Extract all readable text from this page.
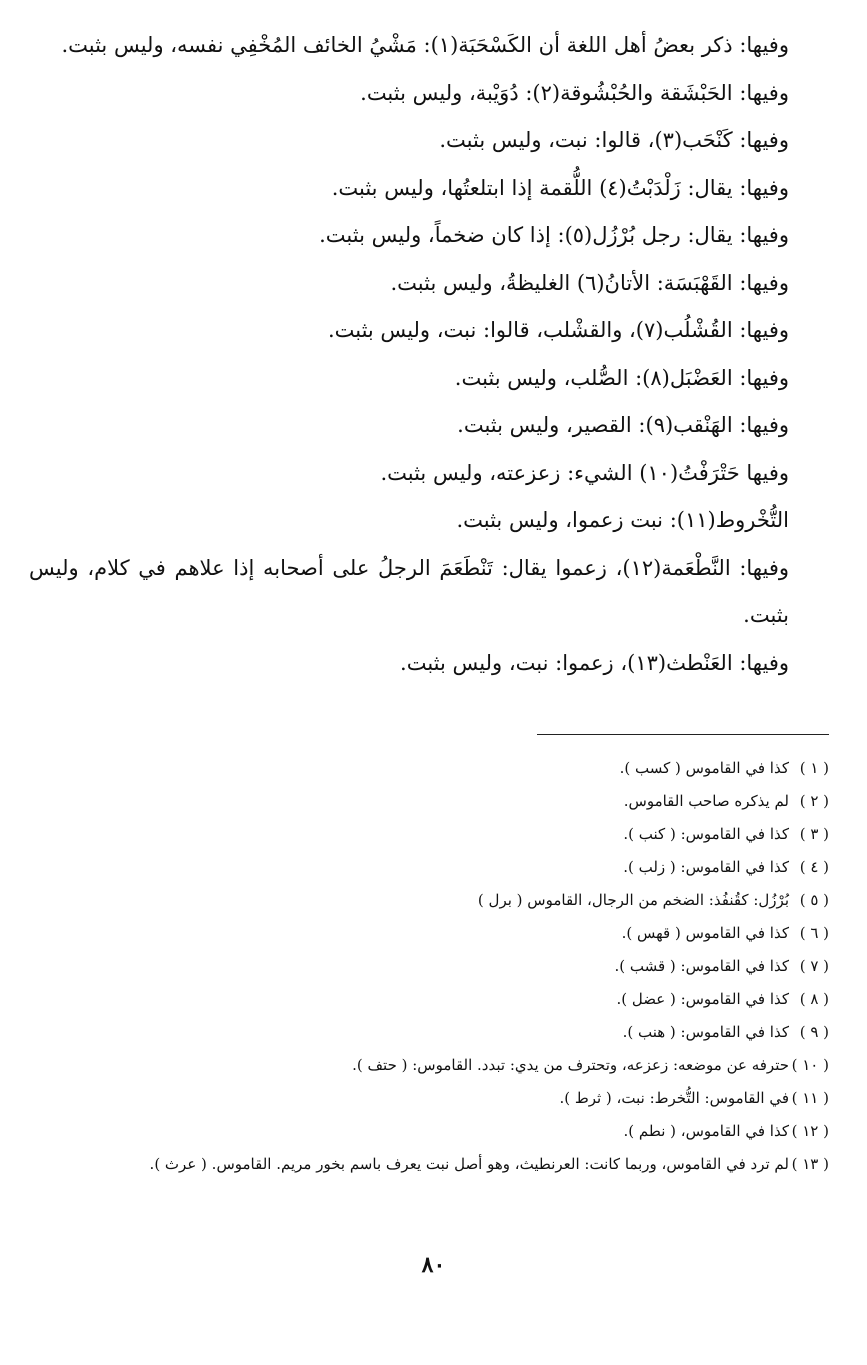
وفيها: ذكر بعضُ أهل اللغة أن الكَسْحَبَة(١): مَشْيُ الخائف المُخْفِي نفسه، وليس بثبت.

وفيها: الحَبْشَقة والحُبْشُوقة(٢): دُوَيْبة، وليس بثبت.

وفيها: كَنْحَب(٣)، قالوا: نبت، وليس بثبت.

وفيها: يقال: زَلْدَبْتُ(٤) اللُّقمة إذا ابتلعتُها، وليس بثبت.

وفيها: يقال: رجل بُرْزُل(٥): إذا كان ضخماً، وليس بثبت.

وفيها: القَهْبَسَة: الأتانُ(٦) الغليظةُ، وليس بثبت.

وفيها: القُشْلُب(٧)، والقشْلب، قالوا: نبت، وليس بثبت.

وفيها: العَضْبَل(٨): الصُّلب، وليس بثبت.

وفيها: الهَنْقب(٩): القصير، وليس بثبت.

وفيها حَتْرَفْتُ(١٠) الشيء: زعزعته، وليس بثبت.

التُّخْروط(١١): نبت زعموا، وليس بثبت.

وفيها: النَّطْعَمة(١٢)، زعموا يقال: تَنْطَعَمَ الرجلُ على أصحابه إذا علاهم في كلام، وليس بثبت.

وفيها: العَنْطث(١٣)، زعموا: نبت، وليس بثبت.

( ١ )
كذا في القاموس ( كسب ).
( ٢ )
لم يذكره صاحب القاموس.
( ٣ )
كذا في القاموس: ( كنب ).
( ٤ )
كذا في القاموس: ( زلب ).
( ٥ )
بُرْزُل: كقُنفُذ: الضخم من الرجال، القاموس ( برل )
( ٦ )
كذا في القاموس ( قهس ).
( ٧ )
كذا في القاموس: ( قشب ).
( ٨ )
كذا في القاموس: ( عضل ).
( ٩ )
كذا في القاموس: ( هنب ).
( ١٠ )
حترفه عن موضعه: زعزعه، وتحترف من يدي: تبدد. القاموس: ( حتف ).
( ١١ )
في القاموس: التُّخرط: نبت، ( ثرط ).
( ١٢ )
كذا في القاموس، ( نطم ).
( ١٣ )
لم ترد في القاموس، وربما كانت: العرنطيث، وهو أصل نبت يعرف باسم بخور مريم. القاموس. ( عرث ).
٨٠
